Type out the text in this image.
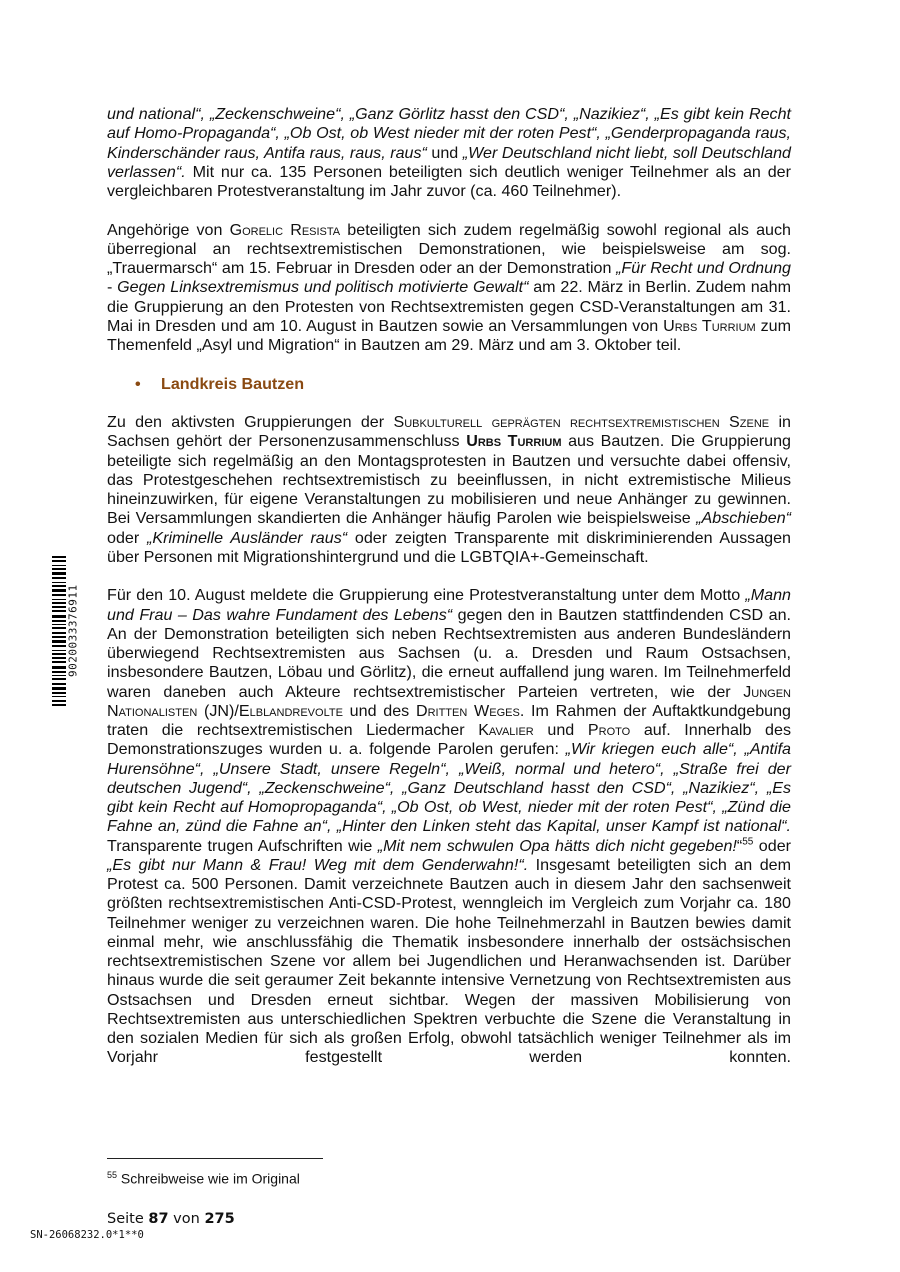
9020033376911

und national“, „Zeckenschweine“, „Ganz Görlitz hasst den CSD“, „Nazikiez“, „Es gibt kein Recht auf Homo-Propaganda“, „Ob Ost, ob West nieder mit der roten Pest“, „Genderpropaganda raus, Kinderschänder raus, Antifa raus, raus, raus“ und „Wer Deutschland nicht liebt, soll Deutschland verlassen“. Mit nur ca. 135 Personen beteiligten sich deutlich weniger Teilnehmer als an der vergleichbaren Protestveranstaltung im Jahr zuvor (ca. 460 Teilnehmer).

Angehörige von Gorelic Resista beteiligten sich zudem regelmäßig sowohl regional als auch überregional an rechtsextremistischen Demonstrationen, wie beispielsweise am sog. „Trauermarsch“ am 15. Februar in Dresden oder an der Demonstration „Für Recht und Ordnung - Gegen Linksextremismus und politisch motivierte Gewalt“ am 22. März in Berlin. Zudem nahm die Gruppierung an den Protesten von Rechtsextremisten gegen CSD-Veranstaltungen am 31. Mai in Dresden und am 10. August in Bautzen sowie an Versammlungen von Urbs Turrium zum Themenfeld „Asyl und Migration“ in Bautzen am 29. März und am 3. Oktober teil.

•	Landkreis Bautzen

Zu den aktivsten Gruppierungen der Subkulturell geprägten rechtsextremistischen Szene in Sachsen gehört der Personenzusammenschluss Urbs Turrium aus Bautzen. Die Gruppierung beteiligte sich regelmäßig an den Montagsprotesten in Bautzen und versuchte dabei offensiv, das Protestgeschehen rechtsextremistisch zu beeinflussen, in nicht extremistische Milieus hineinzuwirken, für eigene Veranstaltungen zu mobilisieren und neue Anhänger zu gewinnen. Bei Versammlungen skandierten die Anhänger häufig Parolen wie beispielsweise „Abschieben“ oder „Kriminelle Ausländer raus“ oder zeigten Transparente mit diskriminierenden Aussagen über Personen mit Migrationshintergrund und die LGBTQIA+-Gemeinschaft.

Für den 10. August meldete die Gruppierung eine Protestveranstaltung unter dem Motto „Mann und Frau – Das wahre Fundament des Lebens“ gegen den in Bautzen stattfindenden CSD an. An der Demonstration beteiligten sich neben Rechtsextremisten aus anderen Bundesländern überwiegend Rechtsextremisten aus Sachsen (u. a. Dresden und Raum Ostsachsen, insbesondere Bautzen, Löbau und Görlitz), die erneut auffallend jung waren. Im Teilnehmerfeld waren daneben auch Akteure rechtsextremistischer Parteien vertreten, wie der Jungen Nationalisten (JN)/Elblandrevolte und des Dritten Weges. Im Rahmen der Auftaktkundgebung traten die rechtsextremistischen Liedermacher Kavalier und Proto auf. Innerhalb des Demonstrationszuges wurden u. a. folgende Parolen gerufen: „Wir kriegen euch alle“, „Antifa Hurensöhne“, „Unsere Stadt, unsere Regeln“, „Weiß, normal und hetero“, „Straße frei der deutschen Jugend“, „Zeckenschweine“, „Ganz Deutschland hasst den CSD“, „Nazikiez“, „Es gibt kein Recht auf Homopropaganda“, „Ob Ost, ob West, nieder mit der roten Pest“, „Zünd die Fahne an, zünd die Fahne an“, „Hinter den Linken steht das Kapital, unser Kampf ist national“. Transparente trugen Aufschriften wie „Mit nem schwulen Opa hätts dich nicht gegeben!“$^{55}$ oder „Es gibt nur Mann & Frau! Weg mit dem Genderwahn!“. Insgesamt beteiligten sich an dem Protest ca. 500 Personen. Damit verzeichnete Bautzen auch in diesem Jahr den sachsenweit größten rechtsextremistischen Anti-CSD-Protest, wenngleich im Vergleich zum Vorjahr ca. 180 Teilnehmer weniger zu verzeichnen waren. Die hohe Teilnehmerzahl in Bautzen bewies damit einmal mehr, wie anschlussfähig die Thematik insbesondere innerhalb der ostsächsischen rechtsextremistischen Szene vor allem bei Jugendlichen und Heranwachsenden ist. Darüber hinaus wurde die seit geraumer Zeit bekannte intensive Vernetzung von Rechtsextremisten aus Ostsachsen und Dresden erneut sichtbar. Wegen der massiven Mobilisierung von Rechtsextremisten aus unterschiedlichen Spektren verbuchte die Szene die Veranstaltung in den sozialen Medien für sich als großen Erfolg, obwohl tatsächlich weniger Teilnehmer als im Vorjahr festgestellt werden konnten.

$^{55}$ Schreibweise wie im Original
Seite 87 von 275
SN-26068232.0*1**0
